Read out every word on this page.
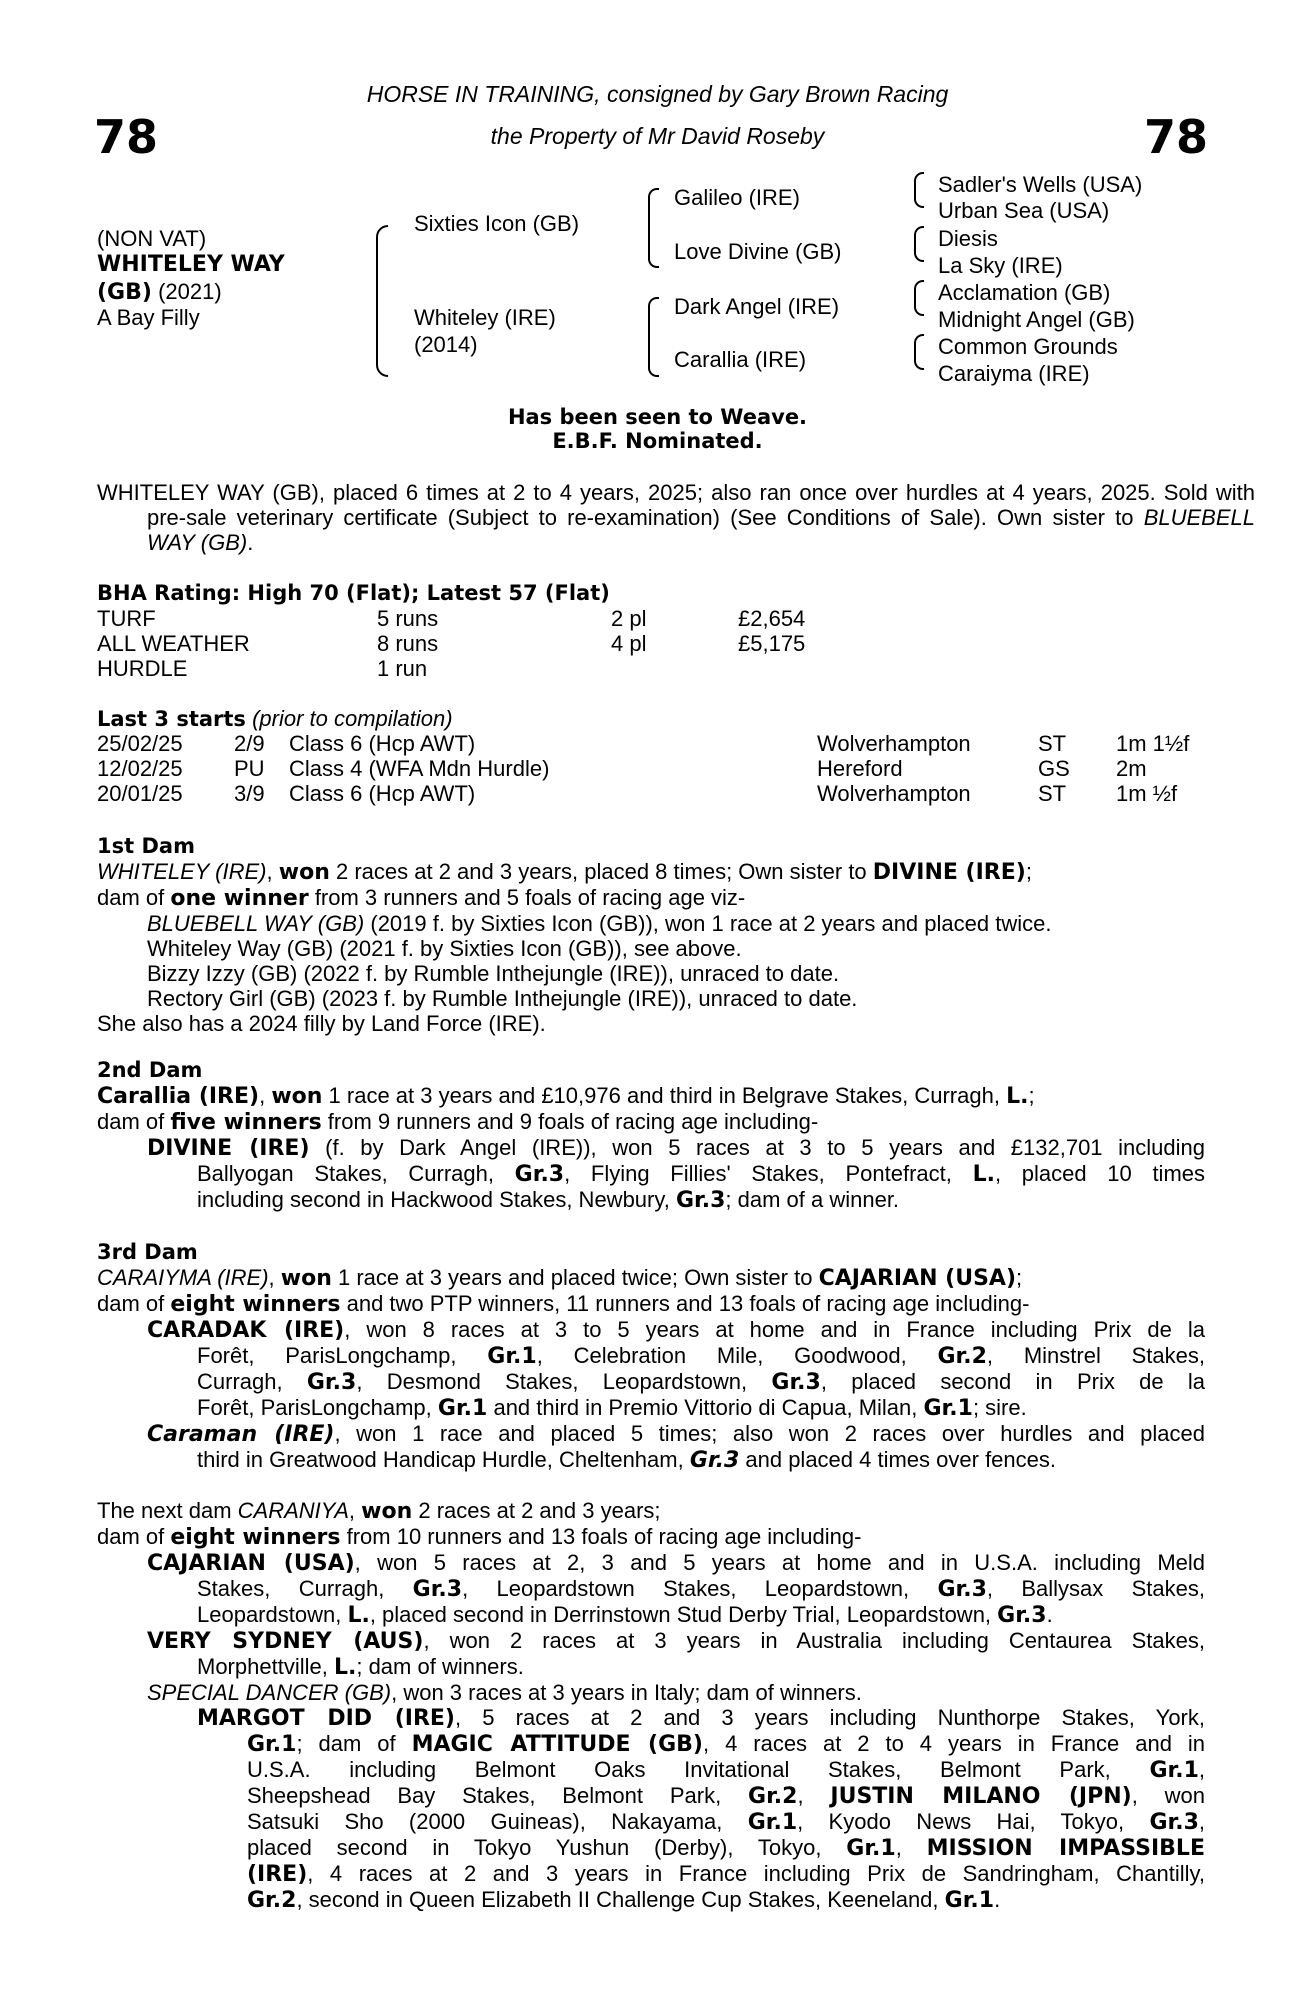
78	78
HORSE IN TRAINING, consigned by Gary Brown Racing
the Property of Mr David Roseby
(NON VAT)
WHITELEY WAY
(GB) (2021)
A Bay Filly
Sixties Icon (GB)
Whiteley (IRE)
(2014)
Galileo (IRE)
Love Divine (GB)
Dark Angel (IRE)
Carallia (IRE)
Sadler's Wells (USA)
Urban Sea (USA)
Diesis
La Sky (IRE)
Acclamation (GB)
Midnight Angel (GB)
Common Grounds
Caraiyma (IRE)
Has been seen to Weave.
E.B.F. Nominated.
WHITELEY WAY (GB), placed 6 times at 2 to 4 years, 2025; also ran once over hurdles at 4 years, 2025. Sold with pre-sale veterinary certificate (Subject to re-examination) (See Conditions of Sale). Own sister to BLUEBELL WAY (GB).
BHA Rating: High 70 (Flat); Latest 57 (Flat)
TURF	5 runs	2 pl	£2,654
ALL WEATHER	8 runs	4 pl	£5,175
HURDLE	1 run
Last 3 starts (prior to compilation)
25/02/25 2/9 Class 6 (Hcp AWT)	Wolverhampton	ST 1m 1½f
12/02/25 PU Class 4 (WFA Mdn Hurdle)	Hereford	GS 2m
20/01/25 3/9 Class 6 (Hcp AWT)	Wolverhampton	ST 1m ½f
1st Dam
WHITELEY (IRE), won 2 races at 2 and 3 years, placed 8 times; Own sister to DIVINE (IRE);
dam of one winner from 3 runners and 5 foals of racing age viz-
BLUEBELL WAY (GB) (2019 f. by Sixties Icon (GB)), won 1 race at 2 years and placed twice.
Whiteley Way (GB) (2021 f. by Sixties Icon (GB)), see above.
Bizzy Izzy (GB) (2022 f. by Rumble Inthejungle (IRE)), unraced to date.
Rectory Girl (GB) (2023 f. by Rumble Inthejungle (IRE)), unraced to date.
She also has a 2024 filly by Land Force (IRE).
2nd Dam
Carallia (IRE), won 1 race at 3 years and £10,976 and third in Belgrave Stakes, Curragh, L.;
dam of five winners from 9 runners and 9 foals of racing age including-
DIVINE (IRE) (f. by Dark Angel (IRE)), won 5 races at 3 to 5 years and £132,701 including
Ballyogan Stakes, Curragh, Gr.3, Flying Fillies' Stakes, Pontefract, L., placed 10 times
including second in Hackwood Stakes, Newbury, Gr.3; dam of a winner.
3rd Dam
CARAIYMA (IRE), won 1 race at 3 years and placed twice; Own sister to CAJARIAN (USA);
dam of eight winners and two PTP winners, 11 runners and 13 foals of racing age including-
CARADAK (IRE), won 8 races at 3 to 5 years at home and in France including Prix de la
Forêt, ParisLongchamp, Gr.1, Celebration Mile, Goodwood, Gr.2, Minstrel Stakes,
Curragh, Gr.3, Desmond Stakes, Leopardstown, Gr.3, placed second in Prix de la
Forêt, ParisLongchamp, Gr.1 and third in Premio Vittorio di Capua, Milan, Gr.1; sire.
Caraman (IRE), won 1 race and placed 5 times; also won 2 races over hurdles and placed
third in Greatwood Handicap Hurdle, Cheltenham, Gr.3 and placed 4 times over fences.
The next dam CARANIYA, won 2 races at 2 and 3 years;
dam of eight winners from 10 runners and 13 foals of racing age including-
CAJARIAN (USA), won 5 races at 2, 3 and 5 years at home and in U.S.A. including Meld
Stakes, Curragh, Gr.3, Leopardstown Stakes, Leopardstown, Gr.3, Ballysax Stakes,
Leopardstown, L., placed second in Derrinstown Stud Derby Trial, Leopardstown, Gr.3.
VERY SYDNEY (AUS), won 2 races at 3 years in Australia including Centaurea Stakes,
Morphettville, L.; dam of winners.
SPECIAL DANCER (GB), won 3 races at 3 years in Italy; dam of winners.
MARGOT DID (IRE), 5 races at 2 and 3 years including Nunthorpe Stakes, York,
Gr.1; dam of MAGIC ATTITUDE (GB), 4 races at 2 to 4 years in France and in
U.S.A. including Belmont Oaks Invitational Stakes, Belmont Park, Gr.1,
Sheepshead Bay Stakes, Belmont Park, Gr.2, JUSTIN MILANO (JPN), won
Satsuki Sho (2000 Guineas), Nakayama, Gr.1, Kyodo News Hai, Tokyo, Gr.3,
placed second in Tokyo Yushun (Derby), Tokyo, Gr.1, MISSION IMPASSIBLE
(IRE), 4 races at 2 and 3 years in France including Prix de Sandringham, Chantilly,
Gr.2, second in Queen Elizabeth II Challenge Cup Stakes, Keeneland, Gr.1.
